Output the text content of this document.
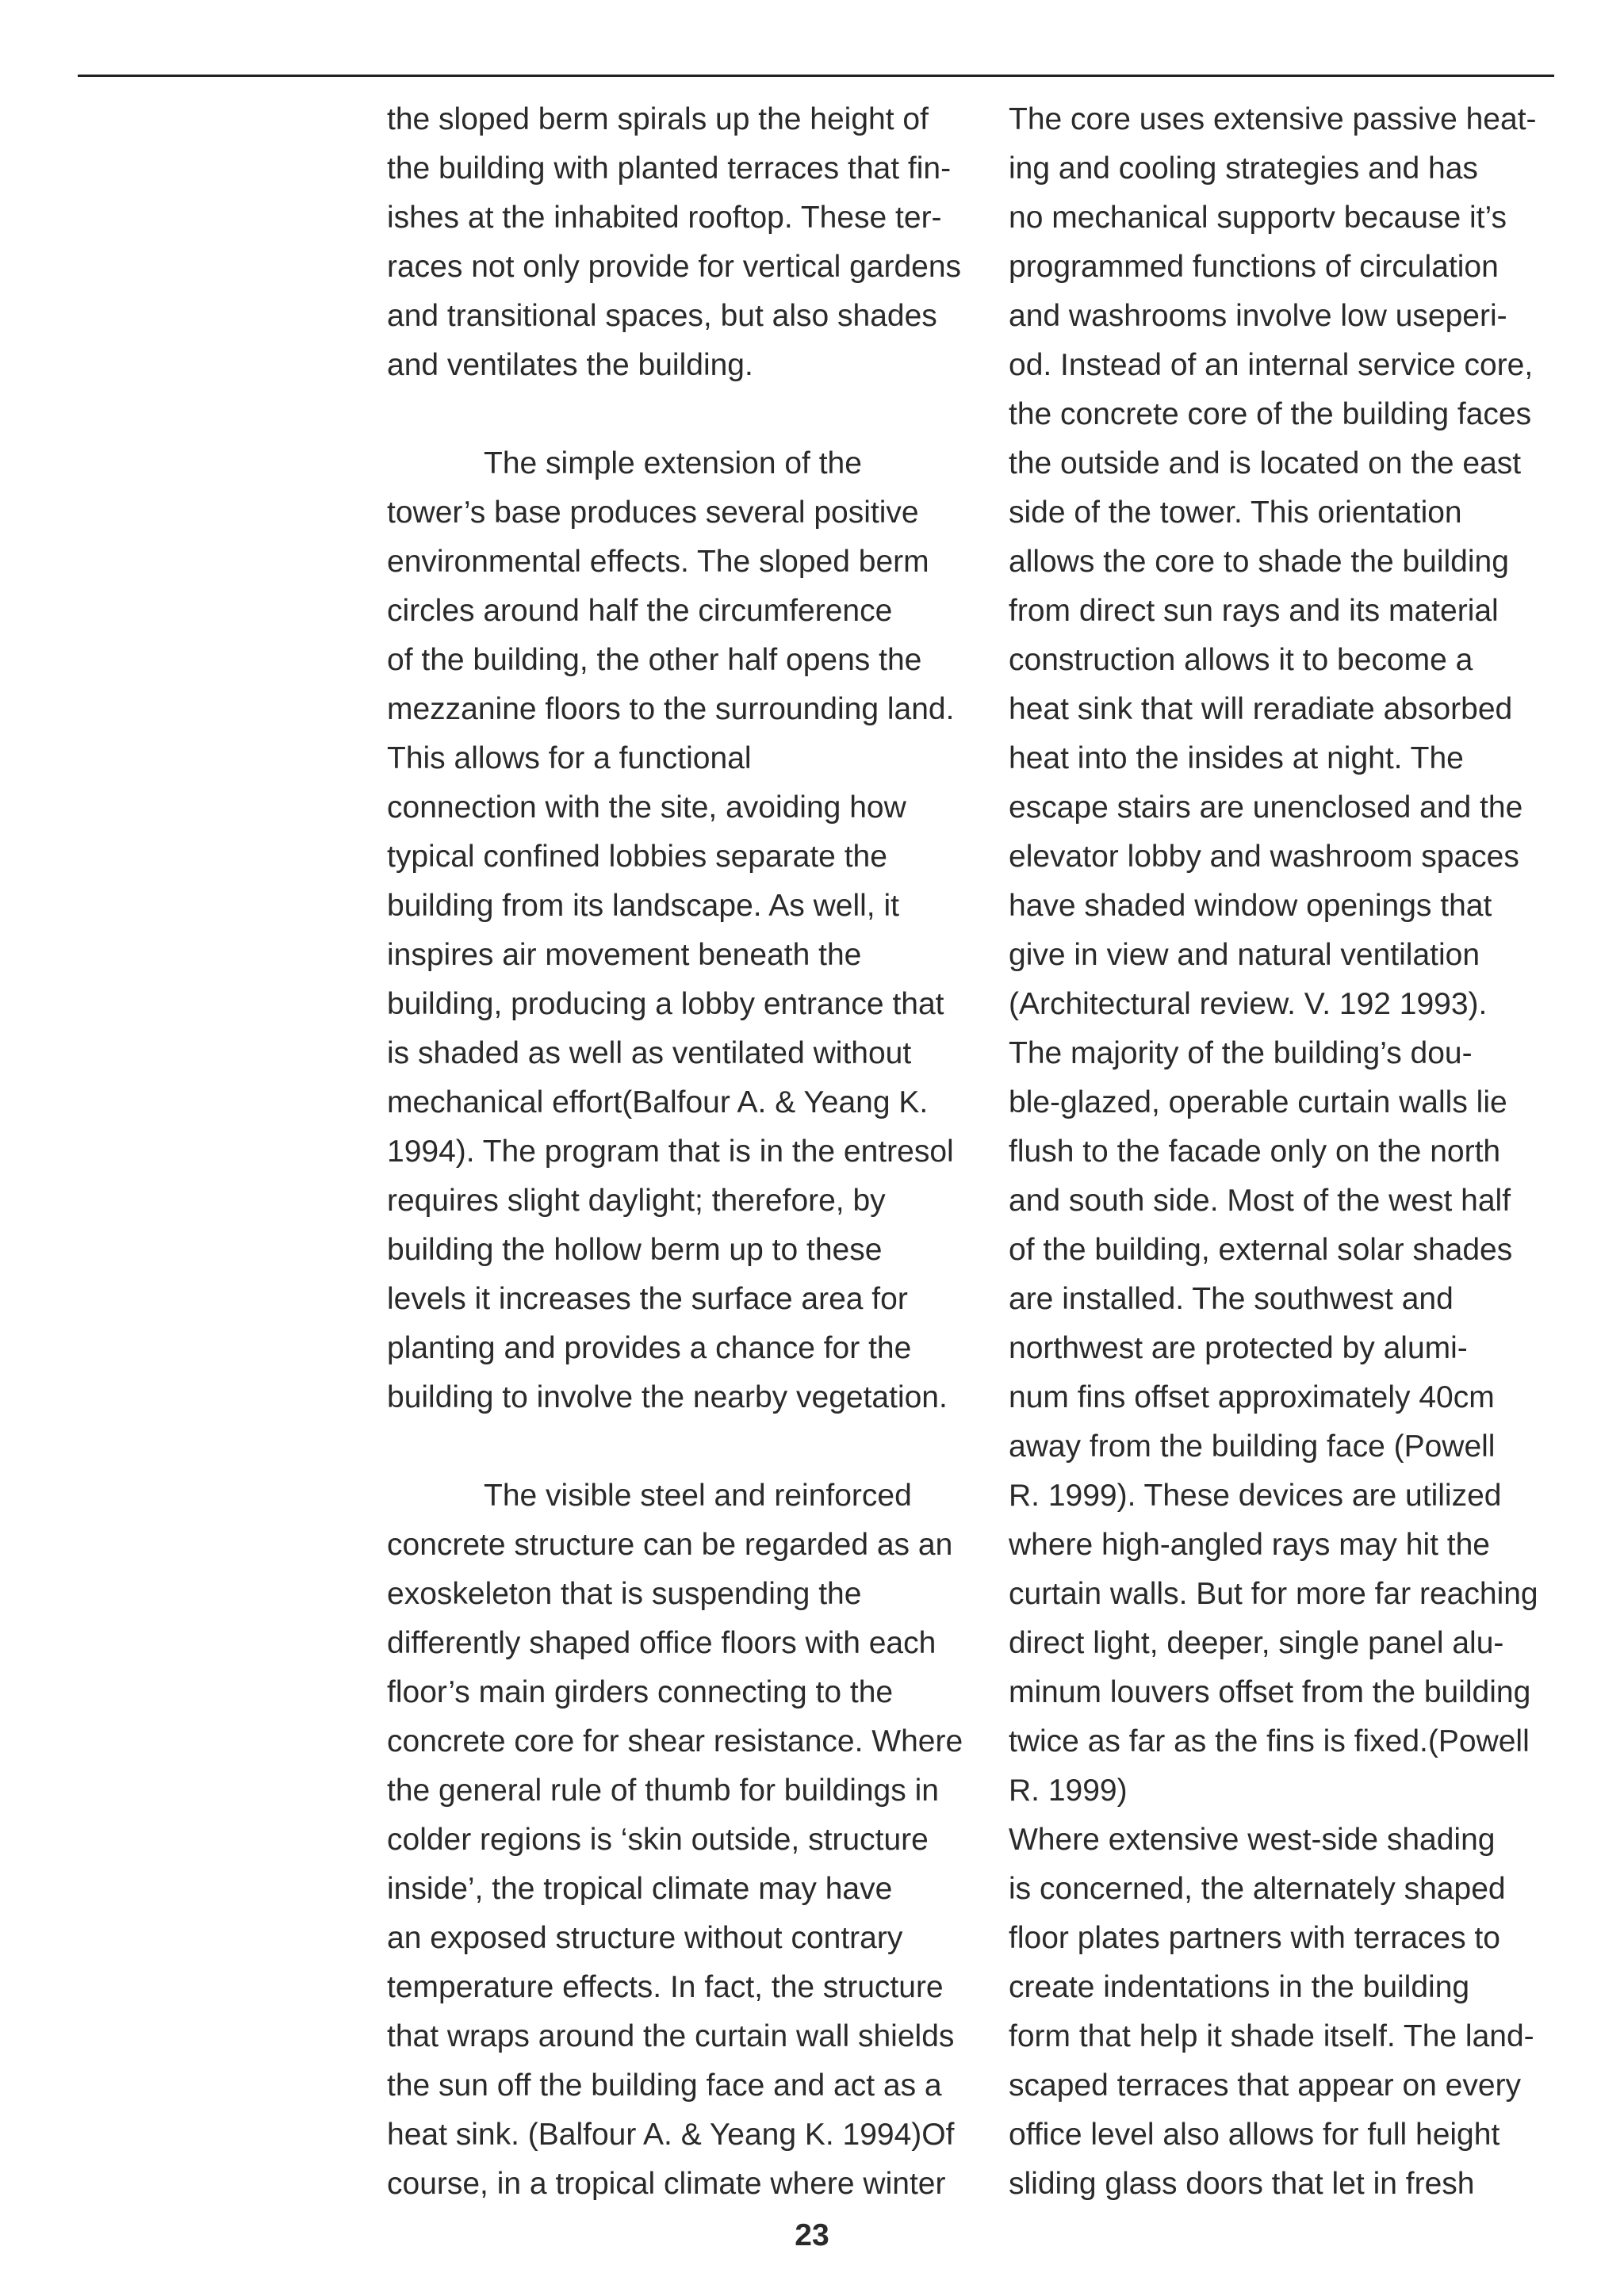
the sloped berm spirals up the height of
the building with planted terraces that fin-
ishes at the inhabited rooftop. These ter-
races not only provide for vertical gardens
and transitional spaces, but also shades
and ventilates the building.
The simple extension of the
tower’s base produces several positive
environmental effects. The sloped berm
circles around half the circumference
of the building, the other half opens the
mezzanine floors to the surrounding land.
This allows for a functional
connection with the site, avoiding how
typical confined lobbies separate the
building from its landscape. As well, it
inspires air movement beneath the
building, producing a lobby entrance that
is shaded as well as ventilated without
mechanical effort(Balfour A. & Yeang K.
1994). The program that is in the entresol
requires slight daylight; therefore, by
building the hollow berm up to these
levels it increases the surface area for
planting and provides a chance for the
building to involve the nearby vegetation.
The visible steel and reinforced
concrete structure can be regarded as an
exoskeleton that is suspending the
differently shaped office floors with each
floor’s main girders connecting to the
concrete core for shear resistance. Where
the general rule of thumb for buildings in
colder regions is ‘skin outside, structure
inside’, the tropical climate may have
an exposed structure without contrary
temperature effects. In fact, the structure
that wraps around the curtain wall shields
the sun off the building face and act as a
heat sink. (Balfour A. & Yeang K. 1994)Of
course, in a tropical climate where winter
The core uses extensive passive heat-
ing and cooling strategies and has
no mechanical supportv because it’s
programmed functions of circulation
and washrooms involve low useperi-
od. Instead of an internal service core,
the concrete core of the building faces
the outside and is located on the east
side of the tower. This orientation
allows the core to shade the building
from direct sun rays and its material
construction allows it to become a
heat sink that will reradiate absorbed
heat into the insides at night. The
escape stairs are unenclosed and the
elevator lobby and washroom spaces
have shaded window openings that
give in view and natural ventilation
(Architectural review. V. 192 1993).
The majority of the building’s dou-
ble-glazed, operable curtain walls lie
flush to the facade only on the north
and south side. Most of the west half
of the building, external solar shades
are installed. The southwest and
northwest are protected by alumi-
num fins offset approximately 40cm
away from the building face (Powell
R. 1999). These devices are utilized
where high-angled rays may hit the
curtain walls. But for more far reaching
direct light, deeper, single panel alu-
minum louvers offset from the building
twice as far as the fins is fixed.(Powell
R. 1999)
Where extensive west-side shading
is concerned, the alternately shaped
floor plates partners with terraces to
create indentations in the building
form that help it shade itself. The land-
scaped terraces that appear on every
office level also allows for full height
sliding glass doors that let in fresh
23
